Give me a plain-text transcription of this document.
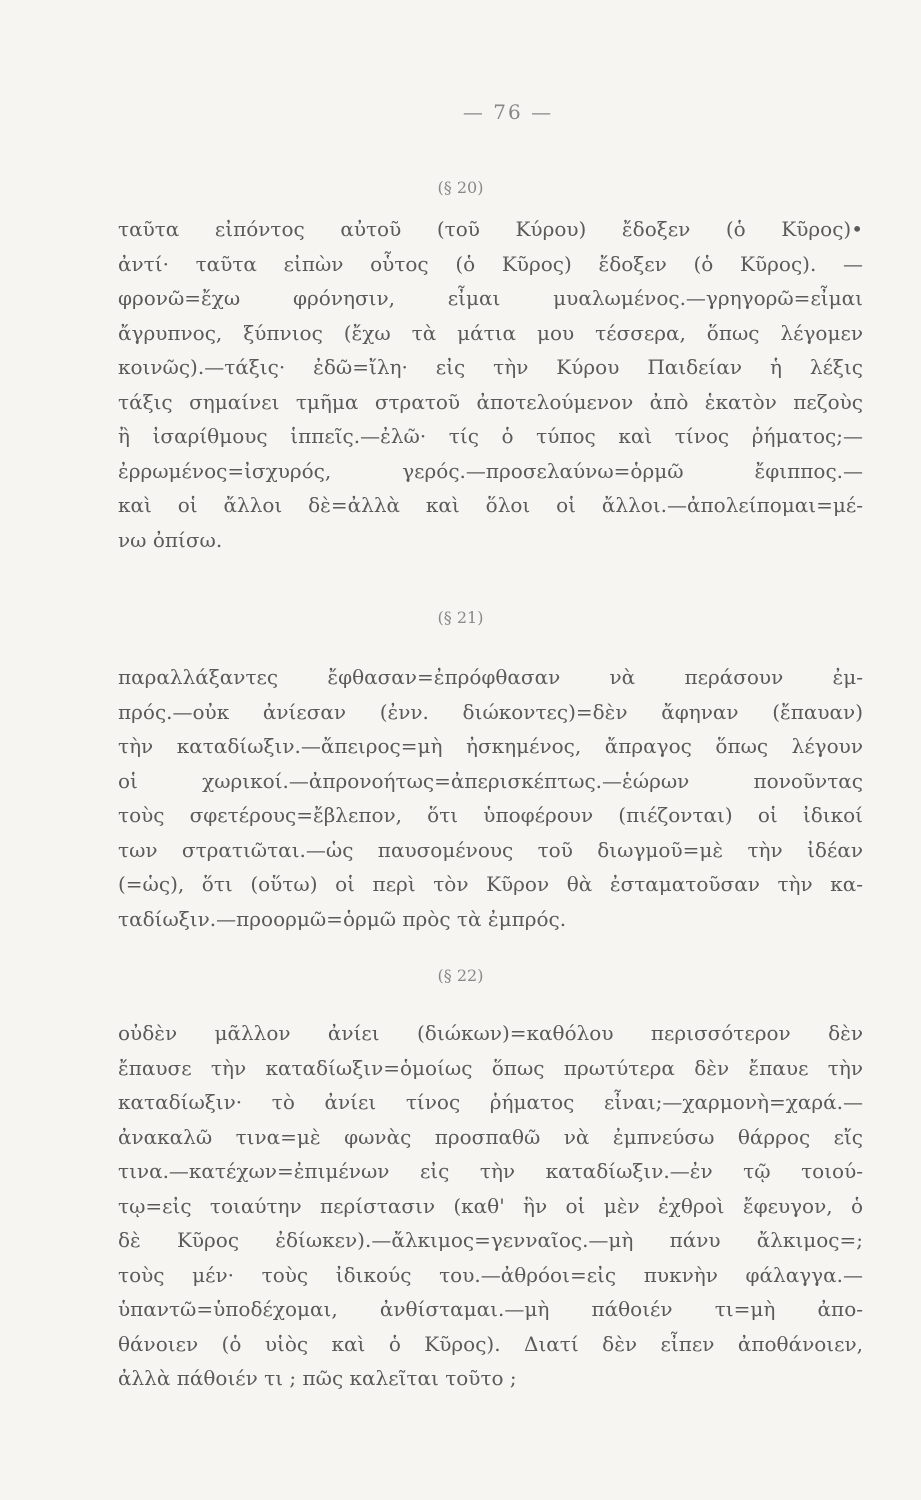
— 76 —
(§ 20)
ταῦτα εἰπόντος αὐτοῦ (τοῦ Κύρου) ἔδοξεν (ὁ Κῦρος)•
ἀντί· ταῦτα εἰπὼν οὗτος (ὁ Κῦρος) ἔδοξεν (ὁ Κῦρος). —
φρονῶ=ἔχω φρόνησιν, εἶμαι μυαλωμένος.—γρηγορῶ=εἶμαι
ἄγρυπνος, ξύπνιος (ἔχω τὰ μάτια μου τέσσερα, ὅπως λέγομεν
κοινῶς).—τάξις· ἐδῶ=ἴλη· εἰς τὴν Κύρου Παιδείαν ἡ λέξις
τάξις σημαίνει τμῆμα στρατοῦ ἀποτελούμενον ἀπὸ ἑκατὸν πεζοὺς
ἢ ἰσαρίθμους ἱππεῖς.—ἐλῶ· τίς ὁ τύπος καὶ τίνος ῥήματος;—
ἐρρωμένος=ἰσχυρός, γερός.—προσελαύνω=ὁρμῶ ἔφιππος.—
καὶ οἱ ἄλλοι δὲ=ἀλλὰ καὶ ὅλοι οἱ ἄλλοι.—ἀπολείπομαι=μέ-
νω ὀπίσω.
(§ 21)
παραλλάξαντες ἔφθασαν=ἐπρόφθασαν νὰ περάσουν ἐμ-
πρός.—οὐκ ἀνίεσαν (ἐνν. διώκοντες)=δὲν ἄφηναν (ἔπαυαν)
τὴν καταδίωξιν.—ἄπειρος=μὴ ἠσκημένος, ἄπραγος ὅπως λέγουν
οἱ χωρικοί.—ἀπρονοήτως=ἀπερισκέπτως.—ἑώρων πονοῦντας
τοὺς σφετέρους=ἔβλεπον, ὅτι ὑποφέρουν (πιέζονται) οἱ ἰδικοί
των στρατιῶται.—ὡς παυσομένους τοῦ διωγμοῦ=μὲ τὴν ἰδέαν
(=ὡς), ὅτι (οὕτω) οἱ περὶ τὸν Κῦρον θὰ ἐσταματοῦσαν τὴν κα-
ταδίωξιν.—προορμῶ=ὁρμῶ πρὸς τὰ ἐμπρός.
(§ 22)
οὐδὲν μᾶλλον ἀνίει (διώκων)=καθόλου περισσότερον δὲν
ἔπαυσε τὴν καταδίωξιν=ὁμοίως ὅπως πρωτύτερα δὲν ἔπαυε τὴν
καταδίωξιν· τὸ ἀνίει τίνος ῥήματος εἶναι;—χαρμονὴ=χαρά.—
ἀνακαλῶ τινα=μὲ φωνὰς προσπαθῶ νὰ ἐμπνεύσω θάρρος εἴς
τινα.—κατέχων=ἐπιμένων εἰς τὴν καταδίωξιν.—ἐν τῷ τοιού-
τῳ=εἰς τοιαύτην περίστασιν (καθ' ἣν οἱ μὲν ἐχθροὶ ἔφευγον, ὁ
δὲ Κῦρος ἐδίωκεν).—ἄλκιμος=γενναῖος.—μὴ πάνυ ἄλκιμος=;
τοὺς μέν· τοὺς ἰδικούς του.—ἀθρόοι=εἰς πυκνὴν φάλαγγα.—
ὑπαντῶ=ὑποδέχομαι, ἀνθίσταμαι.—μὴ πάθοιέν τι=μὴ ἀπο-
θάνοιεν (ὁ υἱὸς καὶ ὁ Κῦρος). Διατί δὲν εἶπεν ἀποθάνοιεν,
ἀλλὰ πάθοιέν τι ; πῶς καλεῖται τοῦτο ;
